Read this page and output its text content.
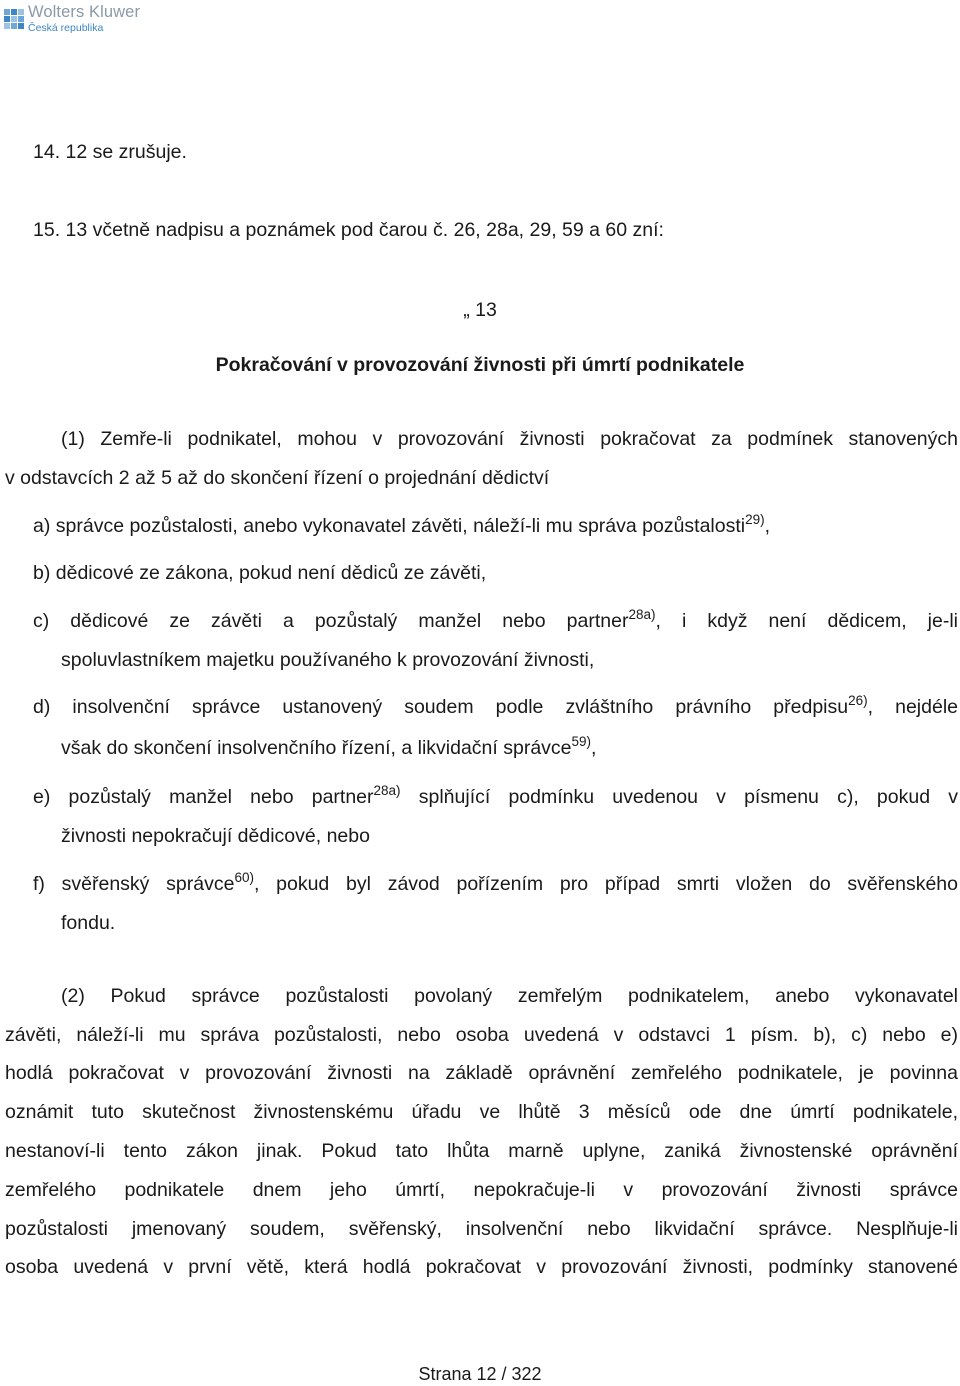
Wolters Kluwer
Česká republika
14. 12 se zrušuje.
15. 13 včetně nadpisu a poznámek pod čarou č. 26, 28a, 29, 59 a 60 zní:
„ 13
Pokračování v provozování živnosti při úmrtí podnikatele
(1) Zemře-li podnikatel, mohou v provozování živnosti pokračovat za podmínek stanovených
v odstavcích 2 až 5 až do skončení řízení o projednání dědictví
a) správce pozůstalosti, anebo vykonavatel závěti, náleží-li mu správa pozůstalosti$^{29)}$,
b) dědicové ze zákona, pokud není dědiců ze závěti,
c) dědicové ze závěti a pozůstalý manžel nebo partner$^{28a)}$, i když není dědicem, je-li
spoluvlastníkem majetku používaného k provozování živnosti,
d) insolvenční správce ustanovený soudem podle zvláštního právního předpisu$^{26)}$, nejdéle
však do skončení insolvenčního řízení, a likvidační správce$^{59)}$,
e) pozůstalý manžel nebo partner$^{28a)}$ splňující podmínku uvedenou v písmenu c), pokud v
živnosti nepokračují dědicové, nebo
f) svěřenský správce$^{60)}$, pokud byl závod pořízením pro případ smrti vložen do svěřenského
fondu.
(2) Pokud správce pozůstalosti povolaný zemřelým podnikatelem, anebo vykonavatel
závěti, náleží-li mu správa pozůstalosti, nebo osoba uvedená v odstavci 1 písm. b), c) nebo e)
hodlá pokračovat v provozování živnosti na základě oprávnění zemřelého podnikatele, je povinna
oznámit tuto skutečnost živnostenskému úřadu ve lhůtě 3 měsíců ode dne úmrtí podnikatele,
nestanoví-li tento zákon jinak. Pokud tato lhůta marně uplyne, zaniká živnostenské oprávnění
zemřelého podnikatele dnem jeho úmrtí, nepokračuje-li v provozování živnosti správce
pozůstalosti jmenovaný soudem, svěřenský, insolvenční nebo likvidační správce. Nesplňuje-li
osoba uvedená v první větě, která hodlá pokračovat v provozování živnosti, podmínky stanovené
Strana 12 / 322
